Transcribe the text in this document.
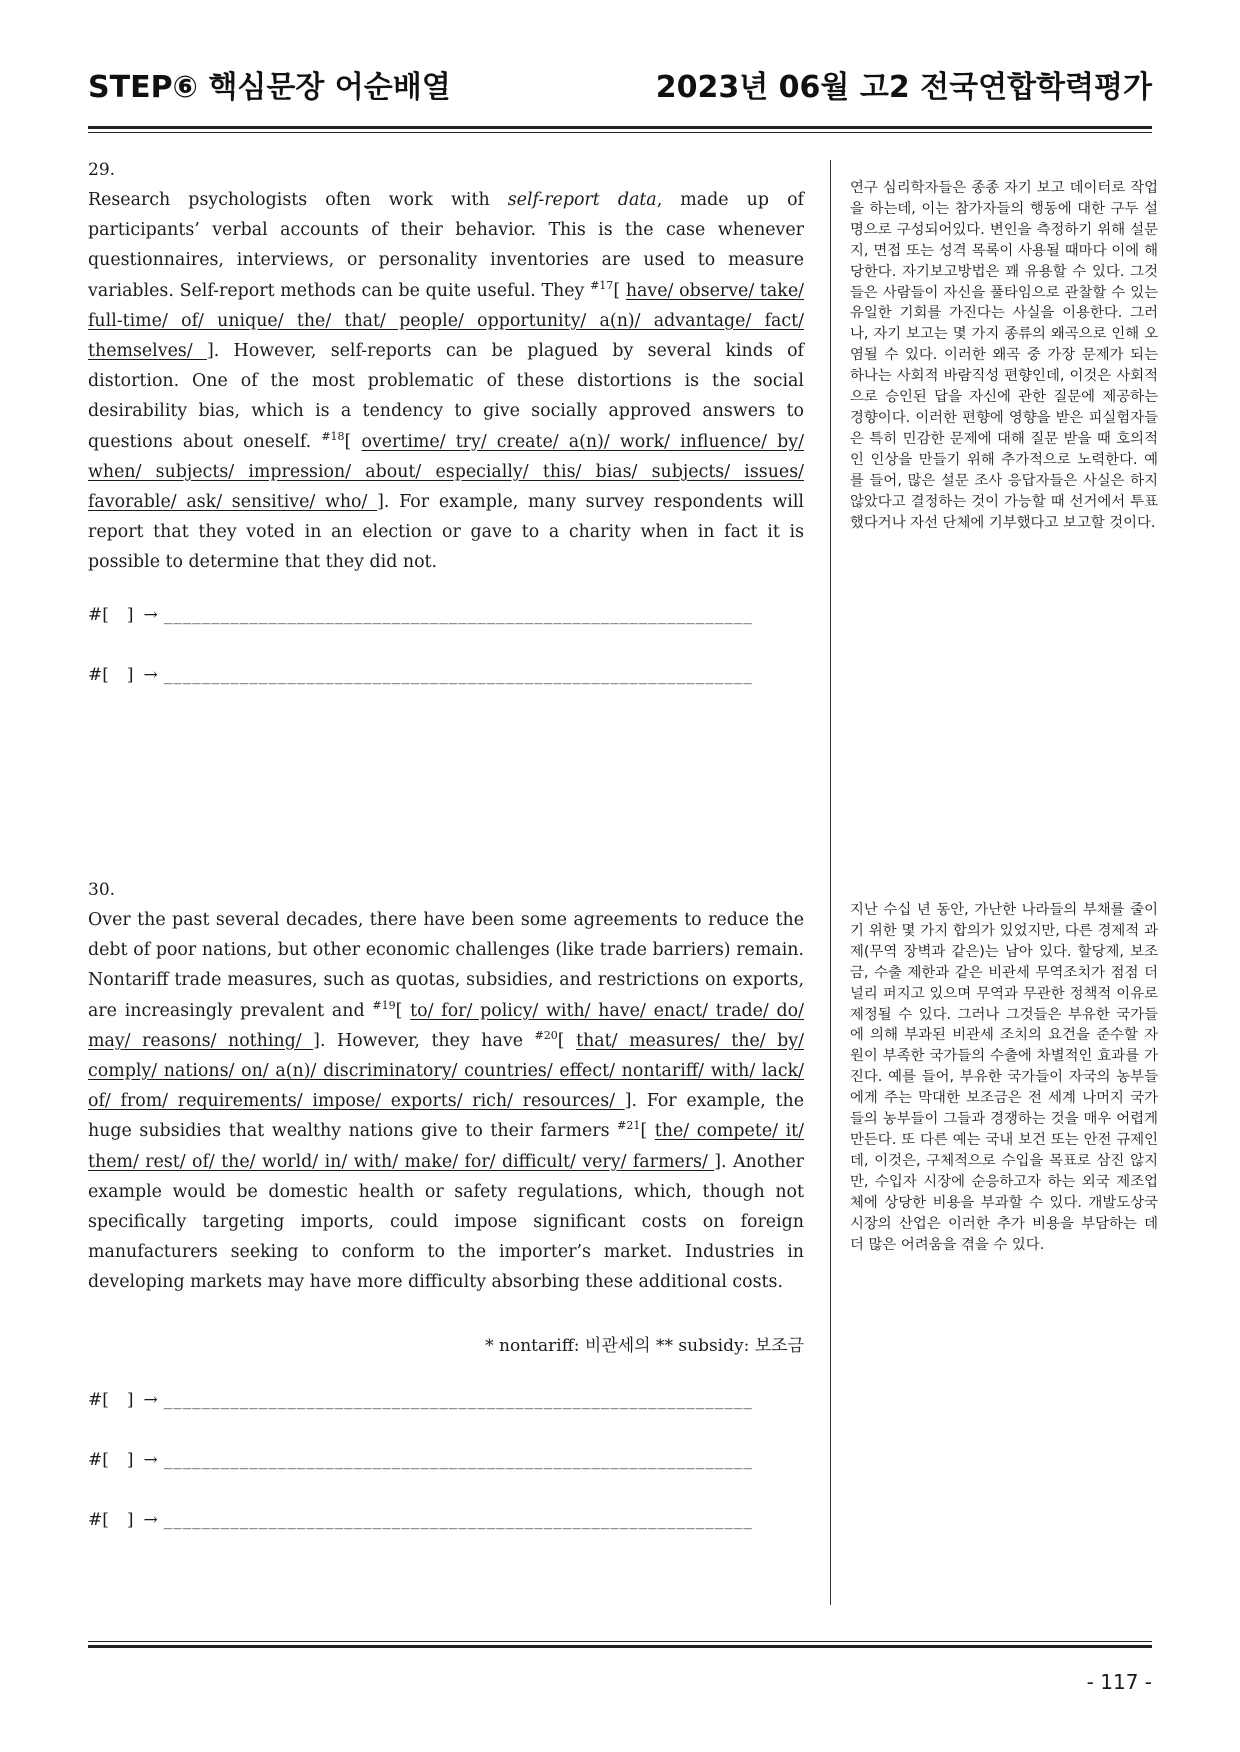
STEP⑥ 핵심문장 어순배열	2023년 06월 고2 전국연합학력평가
29.
Research psychologists often work with self-report data, made up of participants’ verbal accounts of their behavior. This is the case whenever questionnaires, interviews, or personality inventories are used to measure variables. Self-report methods can be quite useful. They $^{\#17}$[ have/ observe/ take/ full-time/ of/ unique/ the/ that/ people/ opportunity/ a(n)/ advantage/ fact/ themselves/ ]. However, self-reports can be plagued by several kinds of distortion. One of the most problematic of these distortions is the social desirability bias, which is a tendency to give socially approved answers to questions about oneself. $^{\#18}$[ overtime/ try/ create/ a(n)/ work/ influence/ by/ when/ subjects/ impression/ about/ especially/ this/ bias/ subjects/ issues/ favorable/ ask/ sensitive/ who/ ]. For example, many survey respondents will report that they voted in an election or gave to a charity when in fact it is possible to determine that they did not.
연구 심리학자들은 종종 자기 보고 데이터로 작업을 하는데, 이는 참가자들의 행동에 대한 구두 설명으로 구성되어있다. 변인을 측정하기 위해 설문지, 면접 또는 성격 목록이 사용될 때마다 이에 해당한다. 자기보고방법은 꽤 유용할 수 있다. 그것들은 사람들이 자신을 풀타임으로 관찰할 수 있는 유일한 기회를 가진다는 사실을 이용한다. 그러나, 자기 보고는 몇 가지 종류의 왜곡으로 인해 오염될 수 있다. 이러한 왜곡 중 가장 문제가 되는 하나는 사회적 바람직성 편향인데, 이것은 사회적으로 승인된 답을 자신에 관한 질문에 제공하는 경향이다. 이러한 편향에 영향을 받은 피실험자들은 특히 민감한 문제에 대해 질문 받을 때 호의적인 인상을 만들기 위해 추가적으로 노력한다. 예를 들어, 많은 설문 조사 응답자들은 사실은 하지 않았다고 결정하는 것이 가능할 때 선거에서 투표했다거나 자선 단체에 기부했다고 보고할 것이다.
#[ ] → ______________________________________________________________
#[ ] → ______________________________________________________________
30.
Over the past several decades, there have been some agreements to reduce the debt of poor nations, but other economic challenges (like trade barriers) remain. Nontariff trade measures, such as quotas, subsidies, and restrictions on exports, are increasingly prevalent and $^{\#19}$[ to/ for/ policy/ with/ have/ enact/ trade/ do/ may/ reasons/ nothing/ ]. However, they have $^{\#20}$[ that/ measures/ the/ by/ comply/ nations/ on/ a(n)/ discriminatory/ countries/ effect/ nontariff/ with/ lack/ of/ from/ requirements/ impose/ exports/ rich/ resources/ ]. For example, the huge subsidies that wealthy nations give to their farmers $^{\#21}$[ the/ compete/ it/ them/ rest/ of/ the/ world/ in/ with/ make/ for/ difficult/ very/ farmers/ ]. Another example would be domestic health or safety regulations, which, though not specifically targeting imports, could impose significant costs on foreign manufacturers seeking to conform to the importer’s market. Industries in developing markets may have more difficulty absorbing these additional costs.
* nontariff: 비관세의 ** subsidy: 보조금
지난 수십 년 동안, 가난한 나라들의 부채를 줄이기 위한 몇 가지 합의가 있었지만, 다른 경제적 과제(무역 장벽과 같은)는 남아 있다. 할당제, 보조금, 수출 제한과 같은 비관세 무역조치가 점점 더 널리 퍼지고 있으며 무역과 무관한 정책적 이유로 제정될 수 있다. 그러나 그것들은 부유한 국가들에 의해 부과된 비관세 조치의 요건을 준수할 자원이 부족한 국가들의 수출에 차별적인 효과를 가진다. 예를 들어, 부유한 국가들이 자국의 농부들에게 주는 막대한 보조금은 전 세계 나머지 국가들의 농부들이 그들과 경쟁하는 것을 매우 어렵게 만든다. 또 다른 예는 국내 보건 또는 안전 규제인데, 이것은, 구체적으로 수입을 목표로 삼진 않지만, 수입자 시장에 순응하고자 하는 외국 제조업체에 상당한 비용을 부과할 수 있다. 개발도상국 시장의 산업은 이러한 추가 비용을 부담하는 데 더 많은 어려움을 겪을 수 있다.
#[ ] → ______________________________________________________________
#[ ] → ______________________________________________________________
#[ ] → ______________________________________________________________
- 117 -
